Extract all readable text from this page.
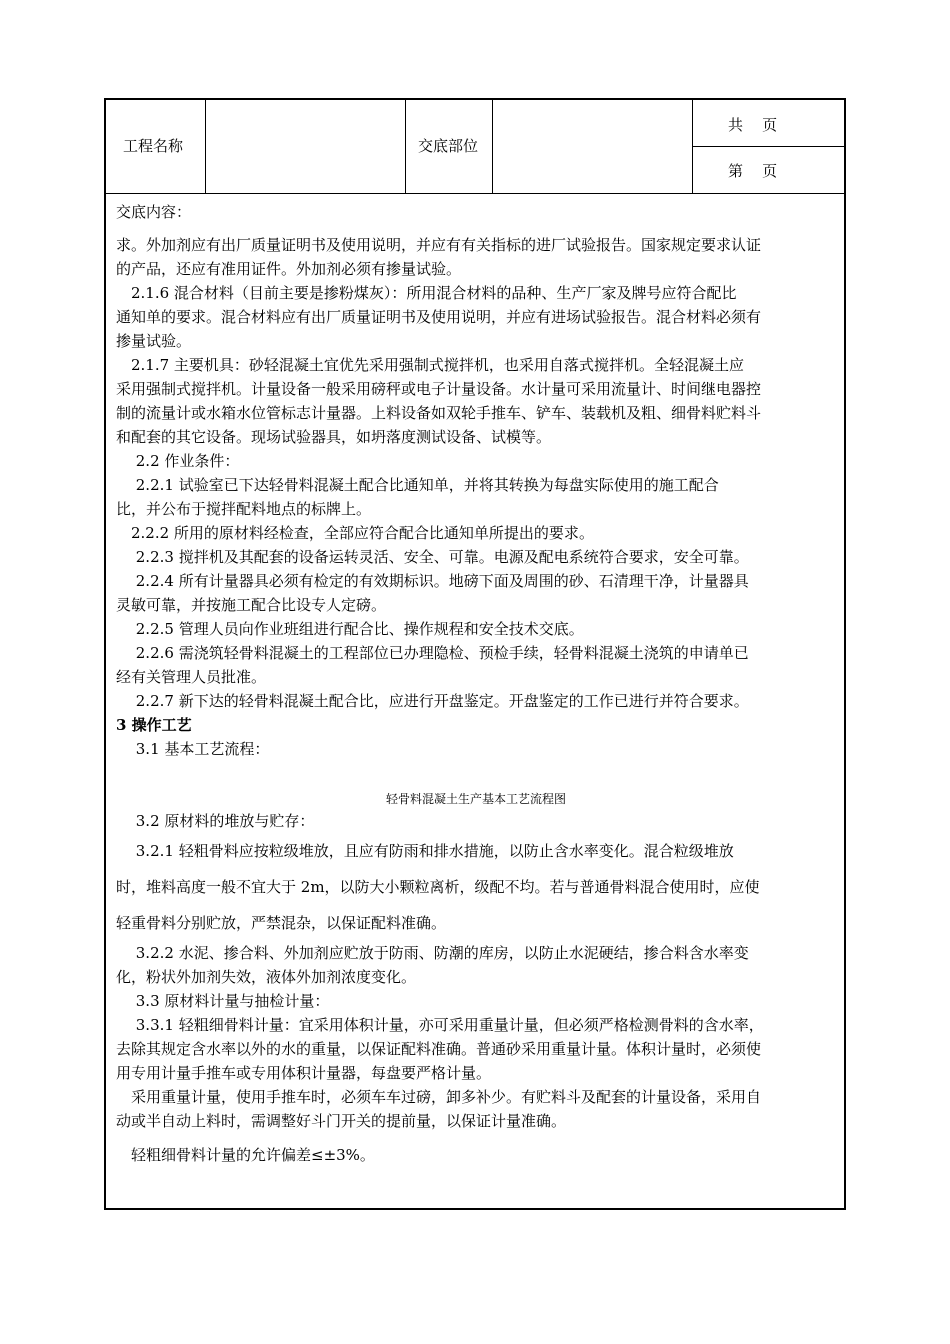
工程名称	交底部位
共    页
第    页

交底内容：

求。外加剂应有出厂质量证明书及使用说明，并应有有关指标的进厂试验报告。国家规定要求认证

的产品，还应有准用证件。外加剂必须有掺量试验。

　2.1.6 混合材料（目前主要是掺粉煤灰）：所用混合材料的品种、生产厂家及牌号应符合配比

通知单的要求。混合材料应有出厂质量证明书及使用说明，并应有进场试验报告。混合材料必须有

掺量试验。

　2.1.7 主要机具：砂轻混凝土宜优先采用强制式搅拌机，也采用自落式搅拌机。全轻混凝土应

采用强制式搅拌机。计量设备一般采用磅秤或电子计量设备。水计量可采用流量计、时间继电器控

制的流量计或水箱水位管标志计量器。上料设备如双轮手推车、铲车、装载机及粗、细骨料贮料斗

和配套的其它设备。现场试验器具，如坍落度测试设备、试模等。

　 2.2 作业条件：

　 2.2.1 试验室已下达轻骨料混凝土配合比通知单，并将其转换为每盘实际使用的施工配合

比，并公布于搅拌配料地点的标牌上。

　2.2.2 所用的原材料经检查，全部应符合配合比通知单所提出的要求。

　 2.2.3 搅拌机及其配套的设备运转灵活、安全、可靠。电源及配电系统符合要求，安全可靠。

　 2.2.4 所有计量器具必须有检定的有效期标识。地磅下面及周围的砂、石清理干净，计量器具

灵敏可靠，并按施工配合比设专人定磅。

　 2.2.5 管理人员向作业班组进行配合比、操作规程和安全技术交底。

　 2.2.6 需浇筑轻骨料混凝土的工程部位已办理隐检、预检手续，轻骨料混凝土浇筑的申请单已

经有关管理人员批准。

　 2.2.7 新下达的轻骨料混凝土配合比，应进行开盘鉴定。开盘鉴定的工作已进行并符合要求。

3 操作工艺

　 3.1 基本工艺流程：

轻骨料混凝土生产基本工艺流程图

　 3.2 原材料的堆放与贮存：

　 3.2.1 轻粗骨料应按粒级堆放，且应有防雨和排水措施，以防止含水率变化。混合粒级堆放

时，堆料高度一般不宜大于 2m，以防大小颗粒离析，级配不均。若与普通骨料混合使用时，应使

轻重骨料分别贮放，严禁混杂，以保证配料准确。

　 3.2.2 水泥、掺合料、外加剂应贮放于防雨、防潮的库房，以防止水泥硬结，掺合料含水率变

化，粉状外加剂失效，液体外加剂浓度变化。

　 3.3 原材料计量与抽检计量：

　 3.3.1 轻粗细骨料计量：宜采用体积计量，亦可采用重量计量，但必须严格检测骨料的含水率，

去除其规定含水率以外的水的重量，以保证配料准确。普通砂采用重量计量。体积计量时，必须使

用专用计量手推车或专用体积计量器，每盘要严格计量。

　采用重量计量，使用手推车时，必须车车过磅，卸多补少。有贮料斗及配套的计量设备，采用自

动或半自动上料时，需调整好斗门开关的提前量，以保证计量准确。

　轻粗细骨料计量的允许偏差≤±3%。
